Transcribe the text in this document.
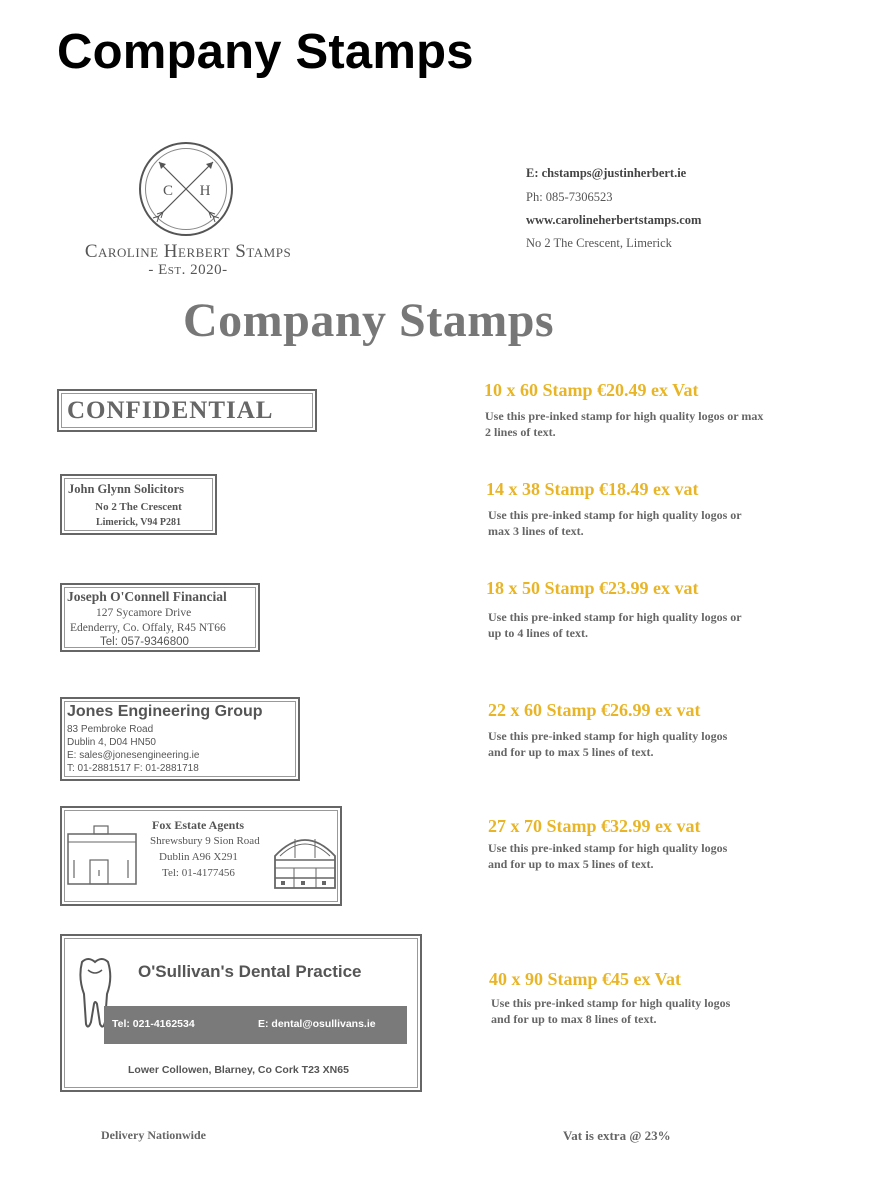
Company Stamps
C H
Caroline Herbert Stamps
- Est. 2020-
E: chstamps@justinherbert.ie
Ph: 085-7306523
www.carolineherbertstamps.com
No 2 The Crescent, Limerick
Company Stamps
CONFIDENTIAL
John Glynn Solicitors
No 2 The Crescent
Limerick, V94 P281
Joseph O'Connell Financial
127 Sycamore Drive
Edenderry, Co. Offaly, R45 NT66
Tel: 057-9346800
Jones Engineering Group
83 Pembroke Road
Dublin 4, D04 HN50
E: sales@jonesengineering.ie
T: 01-2881517 F: 01-2881718
Fox Estate Agents
Shrewsbury 9 Sion Road
Dublin A96 X291
Tel: 01-4177456
O'Sullivan's Dental Practice
Tel: 021-4162534	E: dental@osullivans.ie
Lower Collowen, Blarney, Co Cork T23 XN65
10 x 60 Stamp €20.49 ex Vat
Use this pre-inked stamp for high quality logos or max 2 lines of text.
14 x 38 Stamp €18.49 ex vat
Use this pre-inked stamp for high quality logos or max 3 lines of text.
18 x 50 Stamp €23.99 ex vat
Use this pre-inked stamp for high quality logos or up to 4 lines of text.
22 x 60 Stamp €26.99 ex vat
Use this pre-inked stamp for high quality logos and for up to max 5 lines of text.
27 x 70 Stamp €32.99 ex vat
Use this pre-inked stamp for high quality logos and for up to max 5 lines of text.
40 x 90 Stamp €45 ex Vat
Use this pre-inked stamp for high quality logos and for up to max 8 lines of text.
Delivery Nationwide	Vat is extra @ 23%
